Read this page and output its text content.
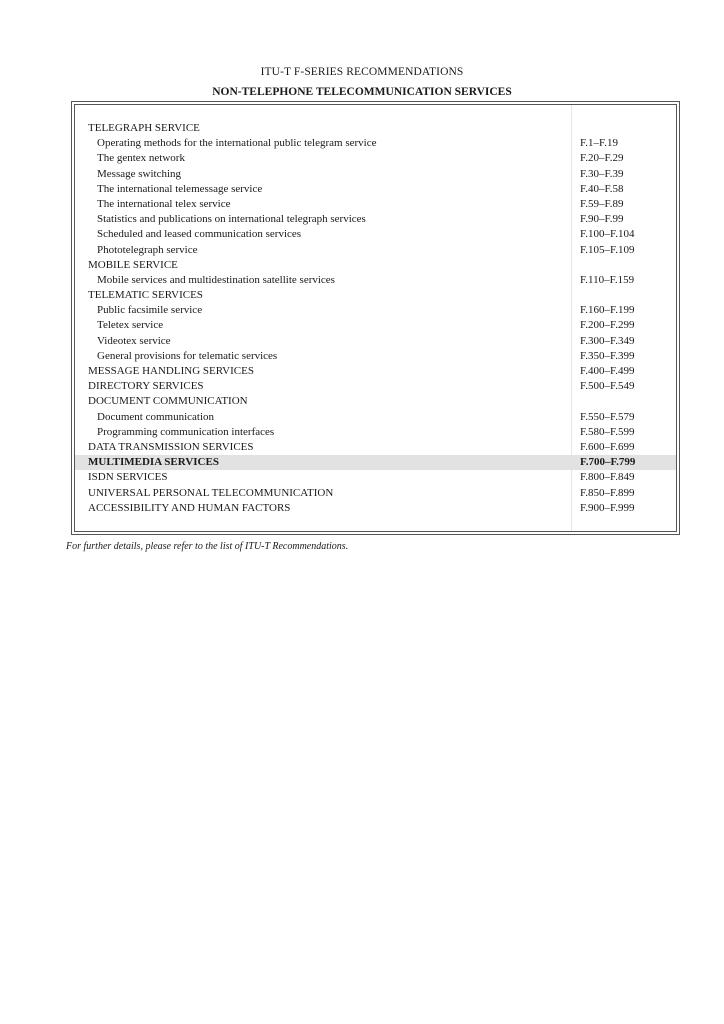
ITU-T F-SERIES RECOMMENDATIONS
NON-TELEPHONE TELECOMMUNICATION SERVICES
TELEGRAPH SERVICE
Operating methods for the international public telegram service	F.1–F.19
The gentex network	F.20–F.29
Message switching	F.30–F.39
The international telemessage service	F.40–F.58
The international telex service	F.59–F.89
Statistics and publications on international telegraph services	F.90–F.99
Scheduled and leased communication services	F.100–F.104
Phototelegraph service	F.105–F.109
MOBILE SERVICE
Mobile services and multidestination satellite services	F.110–F.159
TELEMATIC SERVICES
Public facsimile service	F.160–F.199
Teletex service	F.200–F.299
Videotex service	F.300–F.349
General provisions for telematic services	F.350–F.399
MESSAGE HANDLING SERVICES	F.400–F.499
DIRECTORY SERVICES	F.500–F.549
DOCUMENT COMMUNICATION
Document communication	F.550–F.579
Programming communication interfaces	F.580–F.599
DATA TRANSMISSION SERVICES	F.600–F.699
MULTIMEDIA SERVICES	F.700–F.799
ISDN SERVICES	F.800–F.849
UNIVERSAL PERSONAL TELECOMMUNICATION	F.850–F.899
ACCESSIBILITY AND HUMAN FACTORS	F.900–F.999
For further details, please refer to the list of ITU-T Recommendations.
